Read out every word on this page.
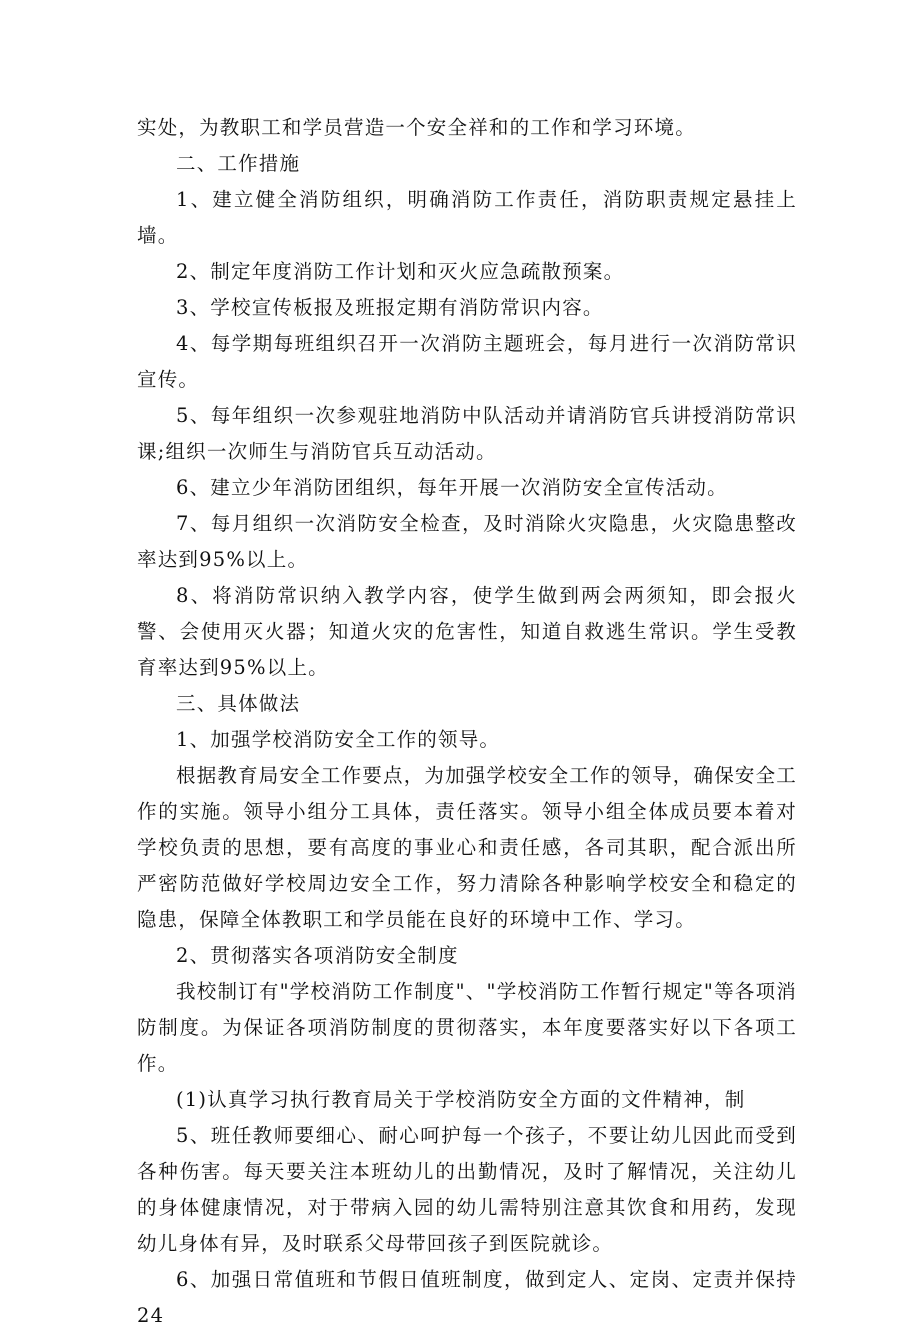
实处，为教职工和学员营造一个安全祥和的工作和学习环境。

二、工作措施

1、建立健全消防组织，明确消防工作责任，消防职责规定悬挂上墙。

2、制定年度消防工作计划和灭火应急疏散预案。

3、学校宣传板报及班报定期有消防常识内容。

4、每学期每班组织召开一次消防主题班会，每月进行一次消防常识宣传。

5、每年组织一次参观驻地消防中队活动并请消防官兵讲授消防常识课;组织一次师生与消防官兵互动活动。

6、建立少年消防团组织，每年开展一次消防安全宣传活动。

7、每月组织一次消防安全检查，及时消除火灾隐患，火灾隐患整改率达到95%以上。

8、将消防常识纳入教学内容，使学生做到两会两须知，即会报火警、会使用灭火器；知道火灾的危害性，知道自救逃生常识。学生受教育率达到95%以上。

三、具体做法

1、加强学校消防安全工作的领导。

根据教育局安全工作要点，为加强学校安全工作的领导，确保安全工作的实施。领导小组分工具体，责任落实。领导小组全体成员要本着对学校负责的思想，要有高度的事业心和责任感，各司其职，配合派出所严密防范做好学校周边安全工作，努力清除各种影响学校安全和稳定的隐患，保障全体教职工和学员能在良好的环境中工作、学习。

2、贯彻落实各项消防安全制度

我校制订有"学校消防工作制度"、"学校消防工作暂行规定"等各项消防制度。为保证各项消防制度的贯彻落实，本年度要落实好以下各项工作。

(1)认真学习执行教育局关于学校消防安全方面的文件精神，制

5、班任教师要细心、耐心呵护每一个孩子，不要让幼儿因此而受到各种伤害。每天要关注本班幼儿的出勤情况，及时了解情况，关注幼儿的身体健康情况，对于带病入园的幼儿需特别注意其饮食和用药，发现幼儿身体有异，及时联系父母带回孩子到医院就诊。

6、加强日常值班和节假日值班制度，做到定人、定岗、定责并保持24
